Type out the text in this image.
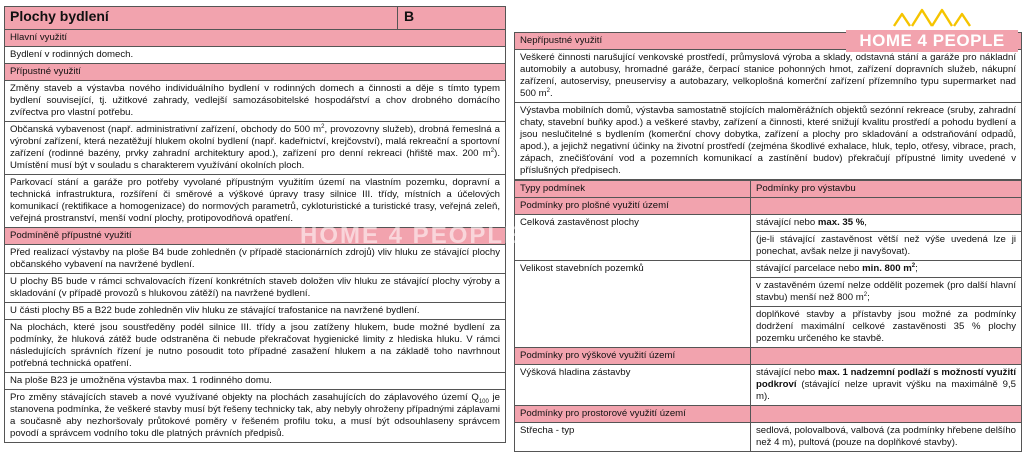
Plochy bydlení	B
Hlavní využití
Bydlení v rodinných domech.
Přípustné využití
Změny staveb a výstavba nového individuálního bydlení v rodinných domech a činnosti a děje s tímto typem bydlení související, tj. užitkové zahrady, vedlejší samozásobitelské hospodářství a chov drobného domácího zvířectva pro vlastní potřebu.
Občanská vybavenost (např. administrativní zařízení, obchody do 500 $m^2$, provozovny služeb), drobná řemeslná a výrobní zařízení, která nezatěžují hlukem okolní bydlení (např. kadeřnictví, krejčovství), malá rekreační a sportovní zařízení (rodinné bazény, prvky zahradní architektury apod.), zařízení pro denní rekreaci (hřiště max. 200 $m^2$). Umístění musí být v souladu s charakterem využívání okolních ploch.
Parkovací stání a garáže pro potřeby vyvolané přípustným využitím území na vlastním pozemku, dopravní a technická infrastruktura, rozšíření či směrové a výškové úpravy trasy silnice III. třídy, místních a účelových komunikací (rektifikace a homogenizace) do normových parametrů, cykloturistické a turistické trasy, veřejná zeleň, veřejná prostranství, menší vodní plochy, protipovodňová opatření.
Podmíněně přípustné využití
Před realizací výstavby na ploše B4 bude zohledněn (v případě stacionárních zdrojů) vliv hluku ze stávající plochy občanského vybavení na navržené bydlení.
U plochy B5 bude v rámci schvalovacích řízení konkrétních staveb doložen vliv hluku ze stávající plochy výroby a skladování (v případě provozů s hlukovou zátěží) na navržené bydlení.
U části plochy B5 a B22 bude zohledněn vliv hluku ze stávající trafostanice na navržené bydlení.
Na plochách, které jsou soustředěny podél silnice III. třídy a jsou zatíženy hlukem, bude možné bydlení za podmínky, že hluková zátěž bude odstraněna či nebude překračovat hygienické limity z hlediska hluku. V rámci následujících správních řízení je nutno posoudit toto případné zasažení hlukem a na základě toho navrhnout potřebná technická opatření.
Na ploše B23 je umožněna výstavba max. 1 rodinného domu.
Pro změny stávajících staveb a nové využívané objekty na plochách zasahujících do záplavového území $Q_{100}$ je stanovena podmínka, že veškeré stavby musí být řešeny technicky tak, aby nebyly ohroženy případnými záplavami a současně aby nezhoršovaly průtokové poměry v řešeném profilu toku, a musí být odsouhlaseny správcem povodí a správcem vodního toku dle platných právních předpisů.
Nepřípustné využití
Veškeré činnosti narušující venkovské prostředí, průmyslová výroba a sklady, odstavná stání a garáže pro nákladní automobily a autobusy, hromadné garáže, čerpací stanice pohonných hmot, zařízení dopravních služeb, nákupní zařízení, autoservisy, pneuservisy a autobazary, velkoplošná komerční zařízení přízemního typu supermarket nad 500 $m^2$.
Výstavba mobilních domů, výstavba samostatně stojících maloměrážních objektů sezónní rekreace (sruby, zahradní chaty, stavební buňky apod.) a veškeré stavby, zařízení a činnosti, které snižují kvalitu prostředí a pohodu bydlení a jsou neslučitelné s bydlením (komerční chovy dobytka, zařízení a plochy pro skladování a odstraňování odpadů, apod.), a jejichž negativní účinky na životní prostředí (zejména škodlivé exhalace, hluk, teplo, otřesy, vibrace, prach, zápach, znečišťování vod a pozemních komunikací a zastínění budov) překračují přípustné limity uvedené v příslušných předpisech.
Typy podmínek	Podmínky pro výstavbu
Podmínky pro plošné využití území	
Celková zastavěnost plochy	stávající nebo max. 35 %,
(je-li stávající zastavěnost větší než výše uvedená lze ji ponechat, avšak nelze ji navyšovat).

Velikost stavebních pozemků	stávající parcelace nebo min. 800 $m^2$;
v zastavěném území nelze oddělit pozemek (pro další hlavní stavbu) menší než 800 $m^2$;
doplňkové stavby a přístavby jsou možné za podmínky dodržení maximální celkové zastavěnosti 35 % plochy pozemku určeného ke stavbě.

Podmínky pro výškové využití území	
Výšková hladina zástavby	stávající nebo max. 1 nadzemní podlaží s možností využití podkroví (stávající nelze upravit výšku na maximálně 9,5 m).
Podmínky pro prostorové využití území	
Střecha - typ	sedlová, polovalbová, valbová (za podmínky hřebene delšího než 4 m), pultová (pouze na doplňkové stavby).
HOME 4 PEOPLE
HOME 4 PEOPLE
